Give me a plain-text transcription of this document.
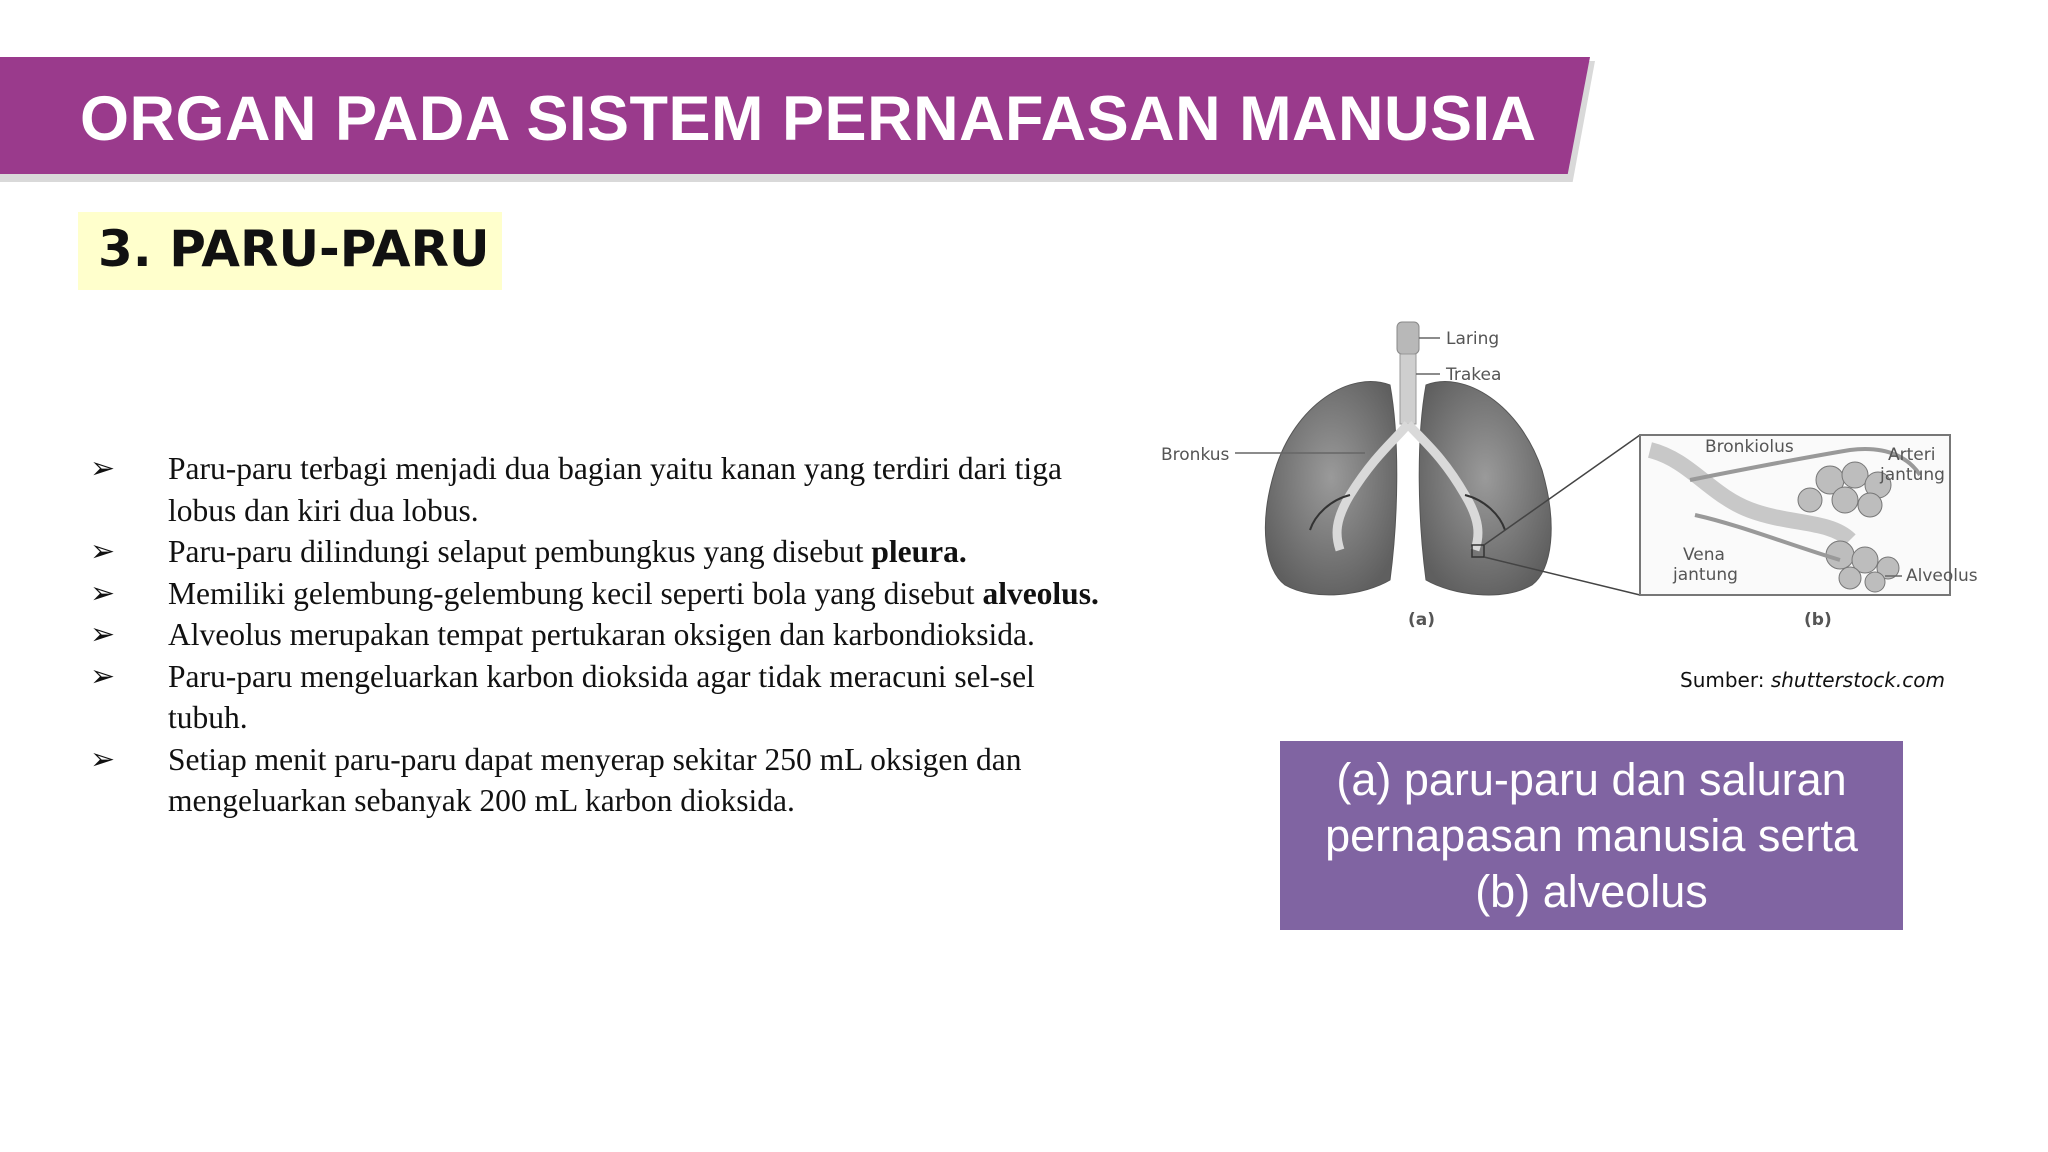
ORGAN PADA SISTEM PERNAFASAN MANUSIA
3. PARU-PARU
➢ Paru-paru terbagi menjadi dua bagian yaitu kanan yang terdiri dari tiga lobus dan kiri dua lobus.
➢ Paru-paru dilindungi selaput pembungkus yang disebut pleura.
➢ Memiliki gelembung-gelembung kecil seperti bola yang disebut alveolus.
➢ Alveolus merupakan tempat pertukaran oksigen dan karbondioksida.
➢ Paru-paru mengeluarkan karbon dioksida agar tidak meracuni sel-sel tubuh.
➢ Setiap menit paru-paru dapat menyerap sekitar 250 mL oksigen dan mengeluarkan sebanyak 200 mL karbon dioksida.
Laring
Trakea
Bronkus
(a)
Bronkiolus	Arteri
jantung
Vena
jantung	Alveolus
(b)
Sumber: shutterstock.com
(a) paru-paru dan saluran pernapasan manusia serta (b) alveolus
